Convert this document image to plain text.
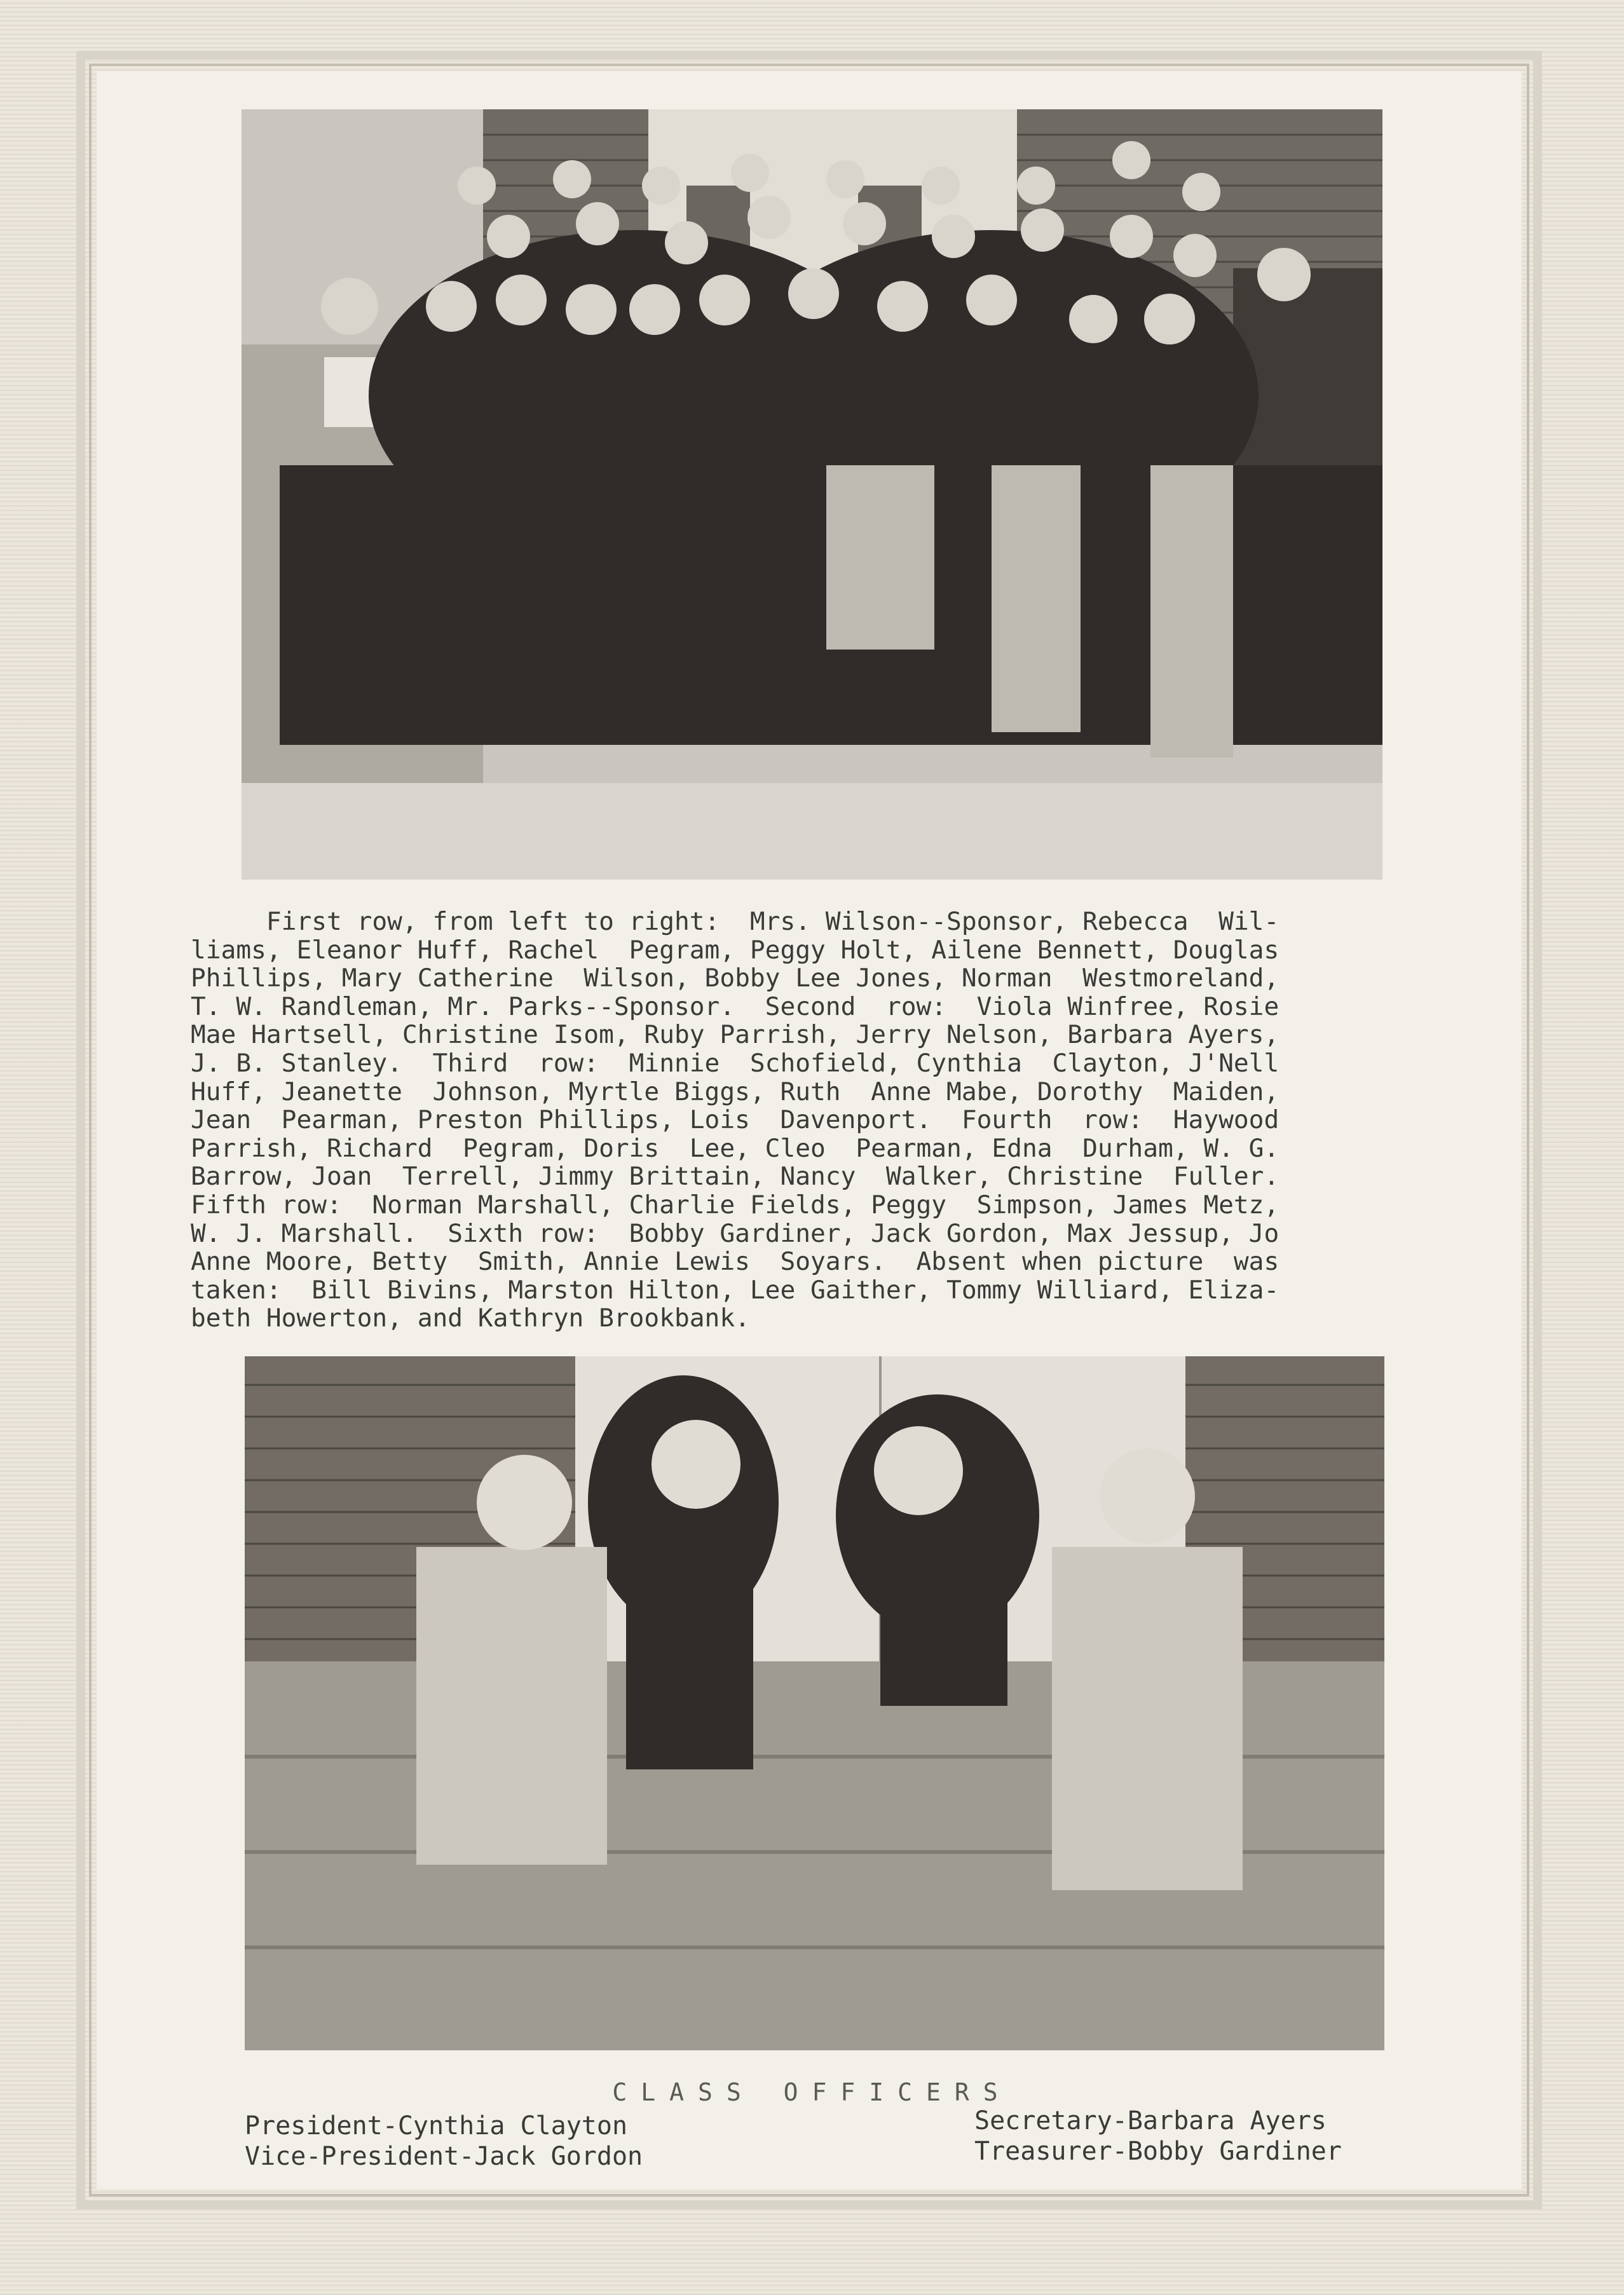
First row, from left to right:  Mrs. Wilson--Sponsor, Rebecca  Wil-
liams, Eleanor Huff, Rachel  Pegram, Peggy Holt, Ailene Bennett, Douglas
Phillips, Mary Catherine  Wilson, Bobby Lee Jones, Norman  Westmoreland,
T. W. Randleman, Mr. Parks--Sponsor.  Second  row:  Viola Winfree, Rosie
Mae Hartsell, Christine Isom, Ruby Parrish, Jerry Nelson, Barbara Ayers,
J. B. Stanley.  Third  row:  Minnie  Schofield, Cynthia  Clayton, J'Nell
Huff, Jeanette  Johnson, Myrtle Biggs, Ruth  Anne Mabe, Dorothy  Maiden,
Jean  Pearman, Preston Phillips, Lois  Davenport.  Fourth  row:  Haywood
Parrish, Richard  Pegram, Doris  Lee, Cleo  Pearman, Edna  Durham, W. G.
Barrow, Joan  Terrell, Jimmy Brittain, Nancy  Walker, Christine  Fuller.
Fifth row:  Norman Marshall, Charlie Fields, Peggy  Simpson, James Metz,
W. J. Marshall.  Sixth row:  Bobby Gardiner, Jack Gordon, Max Jessup, Jo
Anne Moore, Betty  Smith, Annie Lewis  Soyars.  Absent when picture  was
taken:  Bill Bivins, Marston Hilton, Lee Gaither, Tommy Williard, Eliza-
beth Howerton, and Kathryn Brookbank.
CLASS OFFICERS
President-Cynthia Clayton
Vice-President-Jack Gordon
Secretary-Barbara Ayers
Treasurer-Bobby Gardiner
